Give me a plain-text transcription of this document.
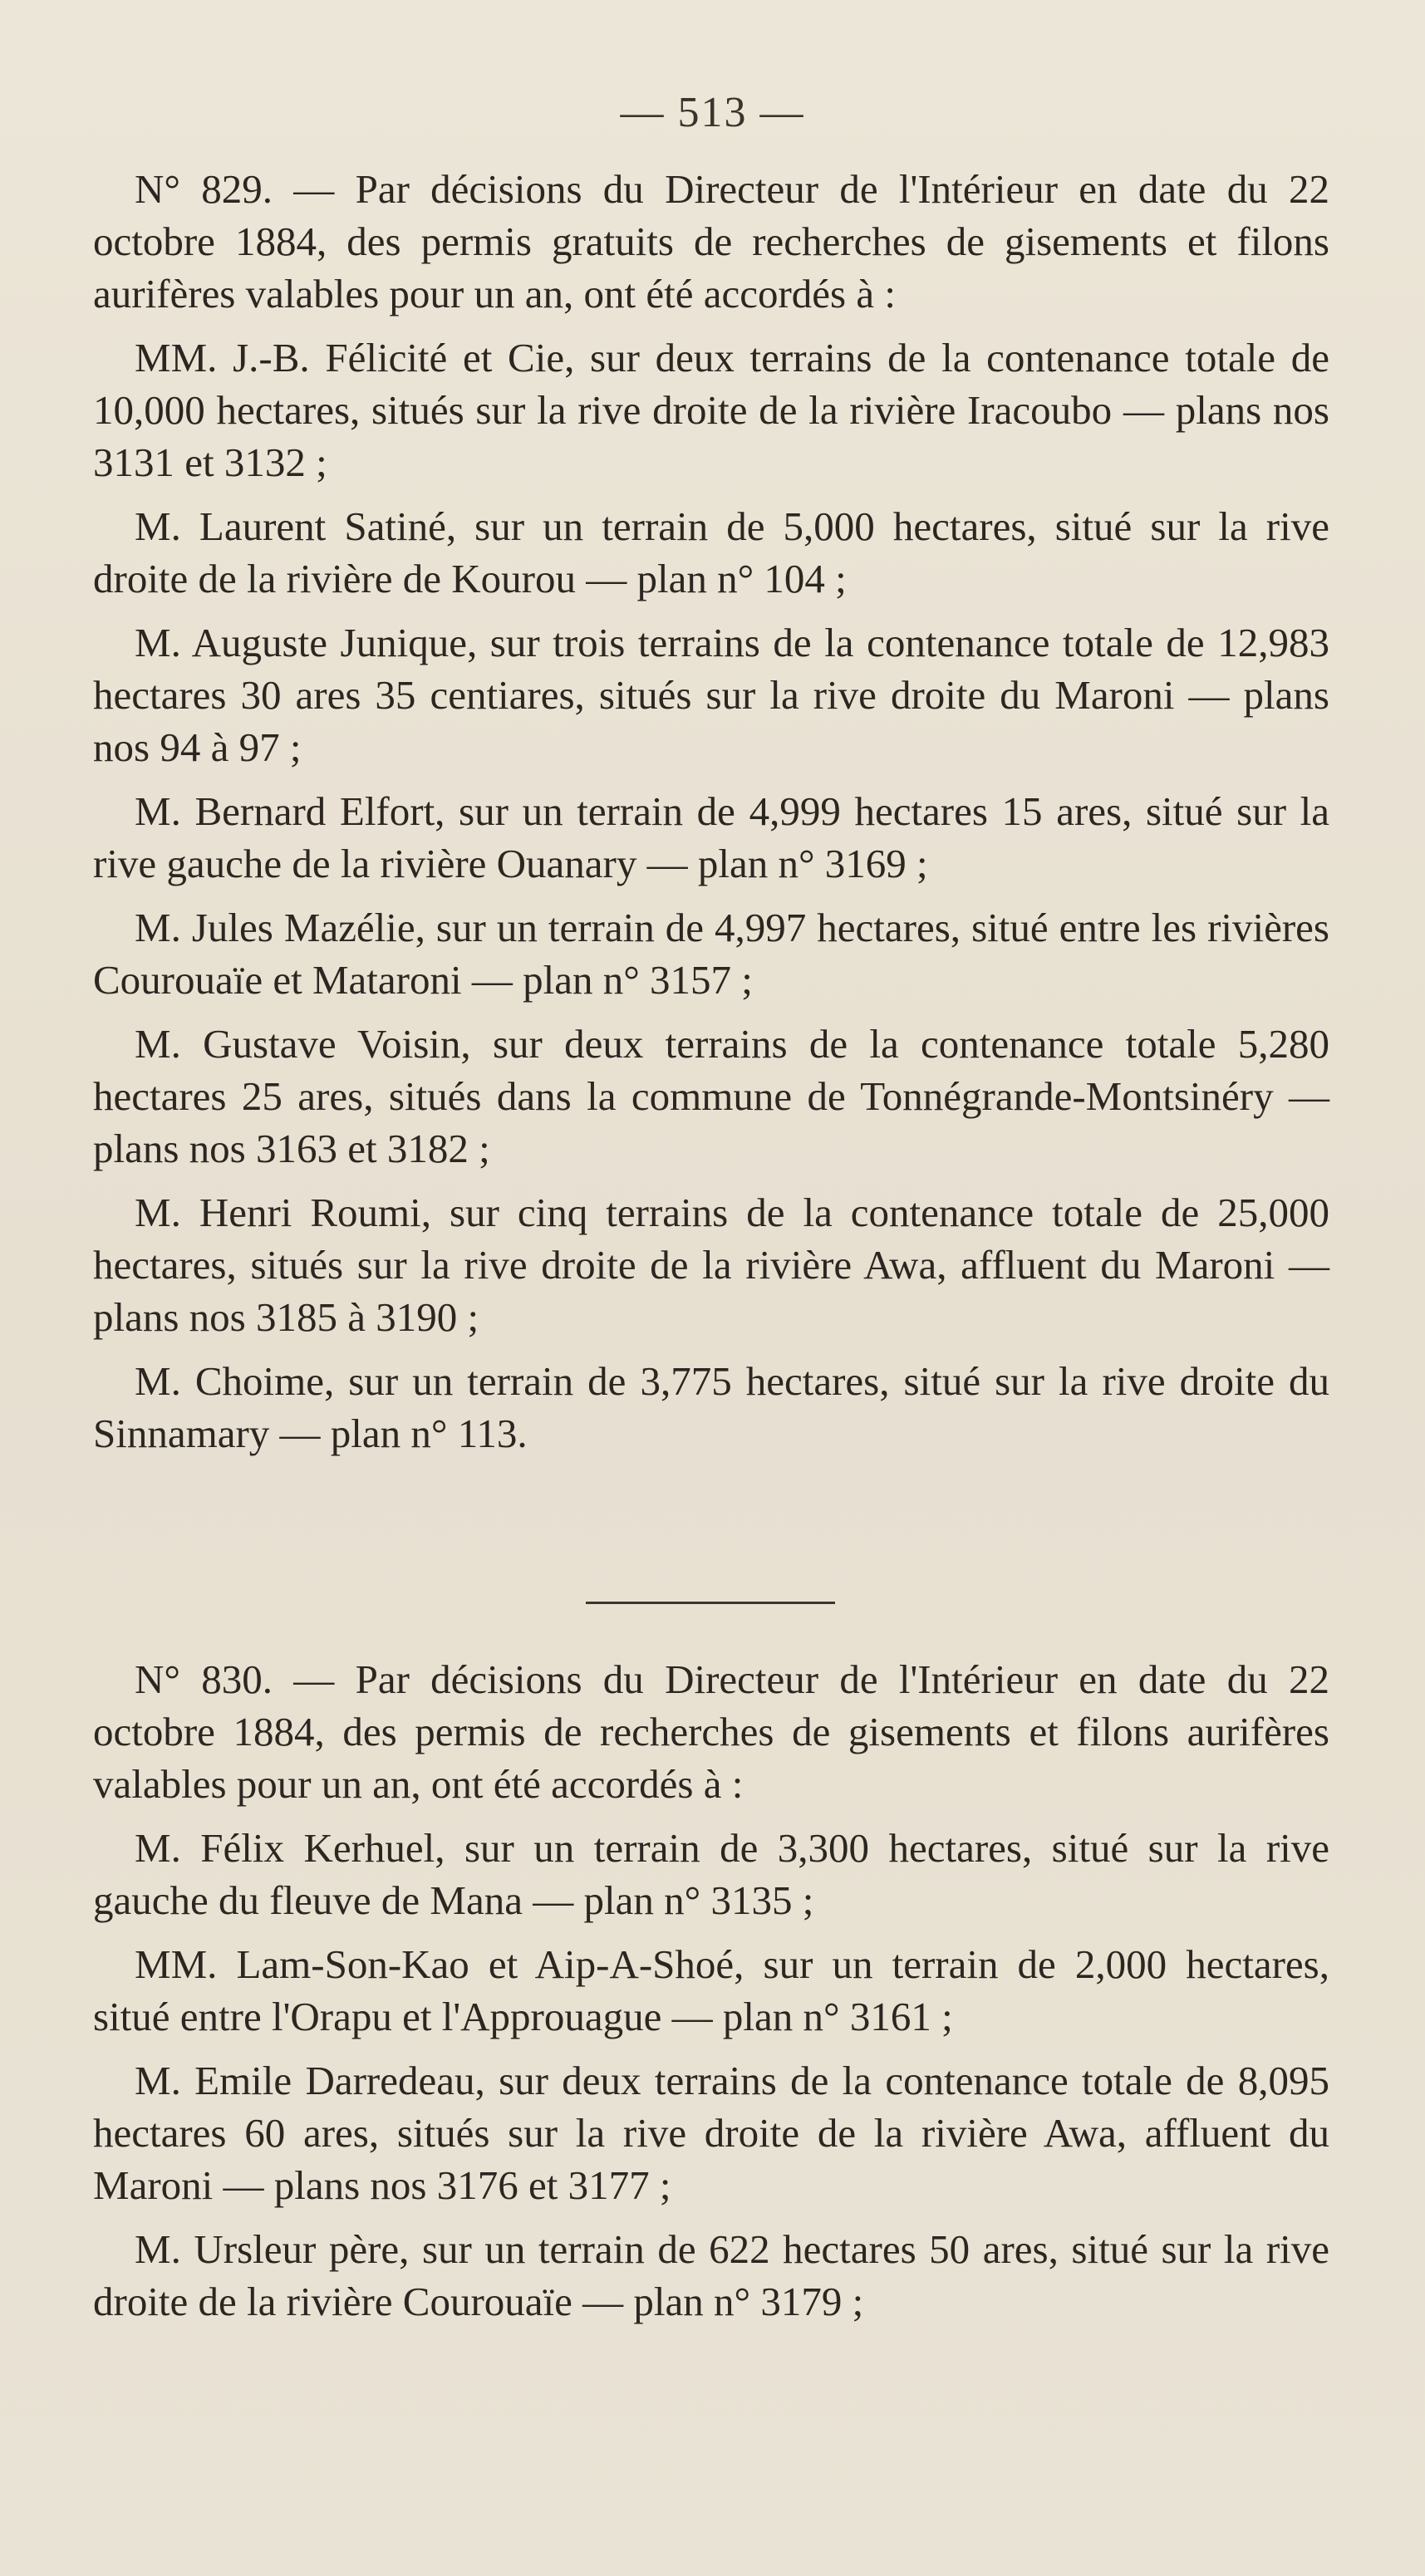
— 513 —

N° 829. — Par décisions du Directeur de l'Intérieur en date du 22 octobre 1884, des permis gratuits de recherches de gisements et filons aurifères valables pour un an, ont été accordés à :

MM. J.-B. Félicité et Cie, sur deux terrains de la contenance totale de 10,000 hectares, situés sur la rive droite de la rivière Iracoubo — plans nos 3131 et 3132 ;

M. Laurent Satiné, sur un terrain de 5,000 hectares, situé sur la rive droite de la rivière de Kourou — plan n° 104 ;

M. Auguste Junique, sur trois terrains de la contenance totale de 12,983 hectares 30 ares 35 centiares, situés sur la rive droite du Maroni — plans nos 94 à 97 ;

M. Bernard Elfort, sur un terrain de 4,999 hectares 15 ares, situé sur la rive gauche de la rivière Ouanary — plan n° 3169 ;

M. Jules Mazélie, sur un terrain de 4,997 hectares, situé entre les rivières Courouaïe et Mataroni — plan n° 3157 ;

M. Gustave Voisin, sur deux terrains de la contenance totale 5,280 hectares 25 ares, situés dans la commune de Tonnégrande-Montsinéry — plans nos 3163 et 3182 ;

M. Henri Roumi, sur cinq terrains de la contenance totale de 25,000 hectares, situés sur la rive droite de la rivière Awa, affluent du Maroni — plans nos 3185 à 3190 ;

M. Choime, sur un terrain de 3,775 hectares, situé sur la rive droite du Sinnamary — plan n° 113.

N° 830. — Par décisions du Directeur de l'Intérieur en date du 22 octobre 1884, des permis de recherches de gisements et filons aurifères valables pour un an, ont été accordés à :

M. Félix Kerhuel, sur un terrain de 3,300 hectares, situé sur la rive gauche du fleuve de Mana — plan n° 3135 ;

MM. Lam-Son-Kao et Aip-A-Shoé, sur un terrain de 2,000 hectares, situé entre l'Orapu et l'Approuague — plan n° 3161 ;

M. Emile Darredeau, sur deux terrains de la contenance totale de 8,095 hectares 60 ares, situés sur la rive droite de la rivière Awa, affluent du Maroni — plans nos 3176 et 3177 ;

M. Ursleur père, sur un terrain de 622 hectares 50 ares, situé sur la rive droite de la rivière Courouaïe — plan n° 3179 ;
